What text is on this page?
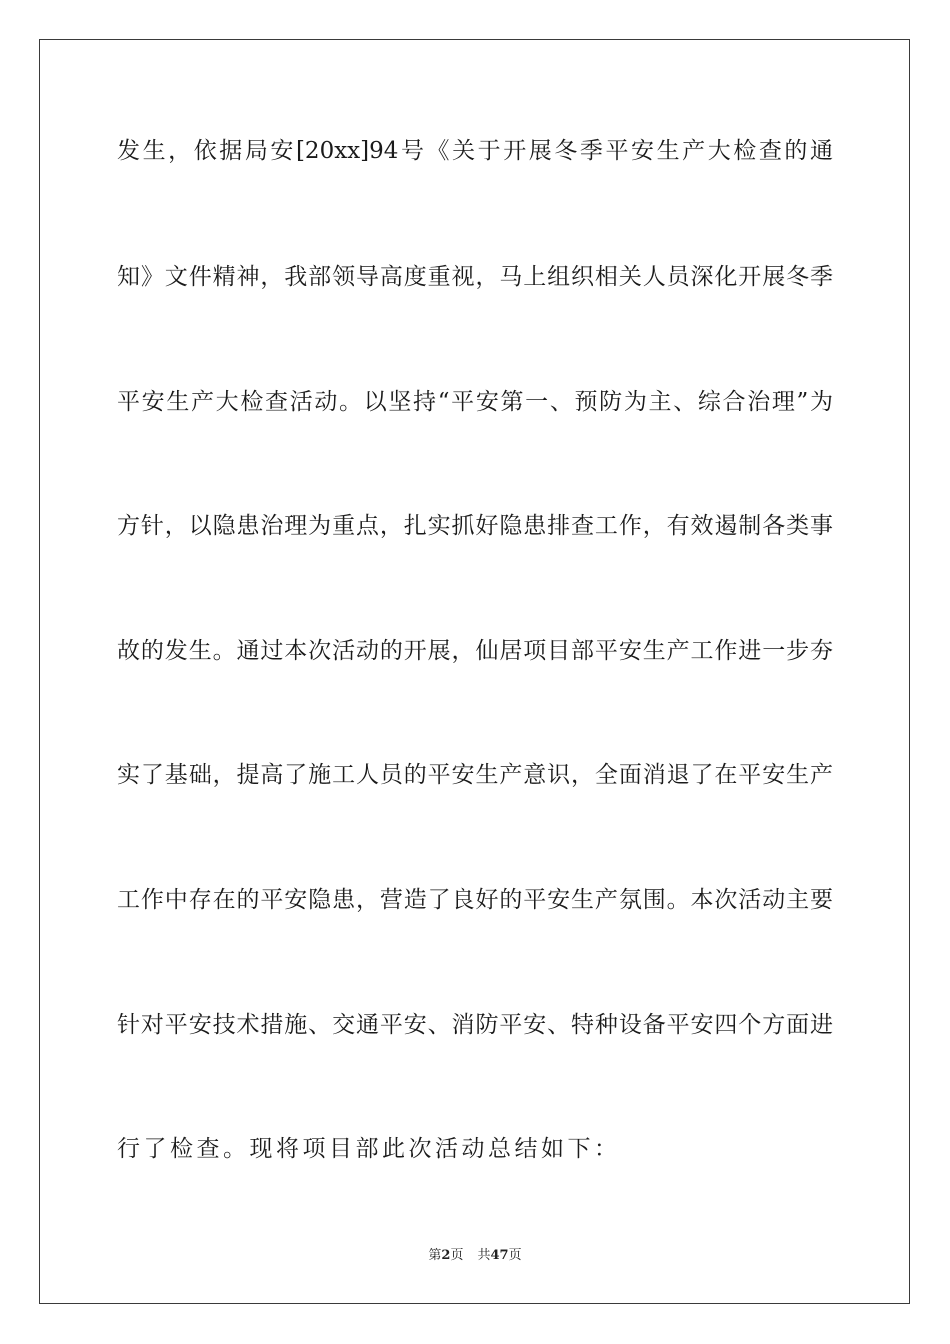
发生，依据局安[20xx]94号《关于开展冬季平安生产大检查的通
知》文件精神，我部领导高度重视，马上组织相关人员深化开展冬季
平安生产大检查活动。以坚持“平安第一、预防为主、综合治理”为
方针，以隐患治理为重点，扎实抓好隐患排查工作，有效遏制各类事
故的发生。通过本次活动的开展，仙居项目部平安生产工作进一步夯
实了基础，提高了施工人员的平安生产意识，全面消退了在平安生产
工作中存在的平安隐患，营造了良好的平安生产氛围。本次活动主要
针对平安技术措施、交通平安、消防平安、特种设备平安四个方面进
行了检查。现将项目部此次活动总结如下：
第2页 共47页
